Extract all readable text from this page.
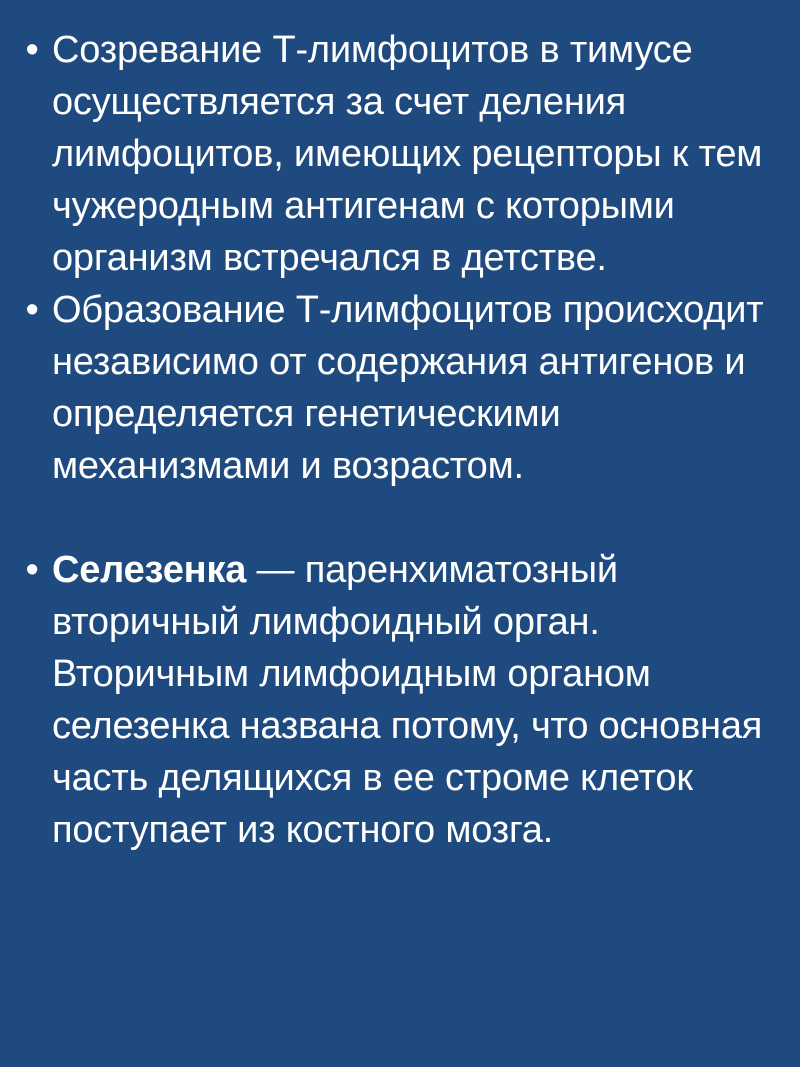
• Созревание Т-лимфоцитов в тимусе осуществляется за счет деления лимфоцитов, имеющих рецепторы к тем чужеродным антигенам с которыми организм встречался в детстве.
• Образование Т-лимфоцитов происходит независимо от содержания антигенов и определяется генетическими механизмами и возрастом.
• Селезенка — паренхиматозный вторичный лимфоидный орган. Вторичным лимфоидным органом селезенка названа потому, что основная часть делящихся в ее строме клеток поступает из костного мозга.
